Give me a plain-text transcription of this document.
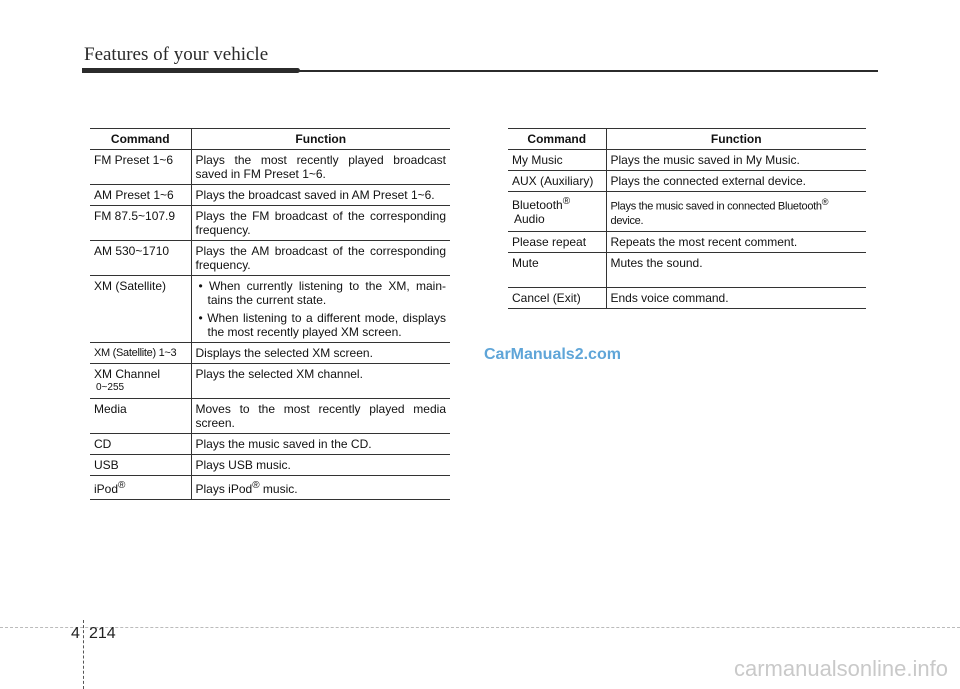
Features of your vehicle
Command	Function
FM Preset 1~6	Plays the most recently played broadcast saved in FM Preset 1~6.
AM Preset 1~6	Plays the broadcast saved in AM Preset 1~6.
FM 87.5~107.9	Plays the FM broadcast of the corresponding frequency.
AM 530~1710	Plays the AM broadcast of the corresponding frequency.
XM (Satellite)	• When currently listening to the XM, main-tains the current state.
• When listening to a different mode, displays the most recently played XM screen.

XM (Satellite) 1~3	Displays the selected XM screen.
XM Channel
0~255	Plays the selected XM channel.
Media	Moves to the most recently played media screen.
CD	Plays the music saved in the CD.
USB	Plays USB music.
iPod®	Plays iPod® music.
Command	Function
My Music	Plays the music saved in My Music.
AUX (Auxiliary)	Plays the connected external device.
Bluetooth®
Audio	Plays the music saved in connected Bluetooth® device.
Please repeat	Repeats the most recent comment.
Mute	Mutes the sound.
Cancel (Exit)	Ends voice command.
CarManuals2.com
4 214
carmanualsonline.info
